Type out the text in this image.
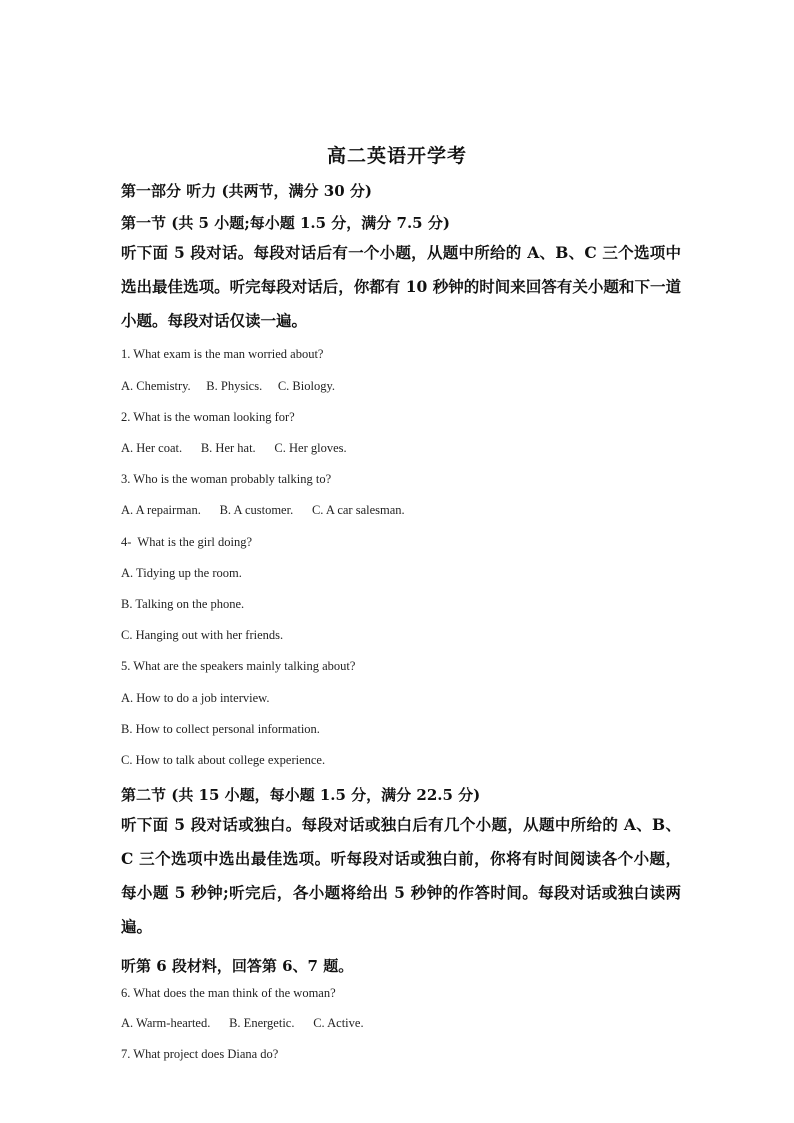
高二英语开学考
第一部分 听力 (共两节，满分 30 分)
第一节 (共 5 小题;每小题 1.5 分，满分 7.5 分)
听下面 5 段对话。每段对话后有一个小题，从题中所给的 A、B、C 三个选项中选出最佳选项。听完每段对话后，你都有 10 秒钟的时间来回答有关小题和下一道小题。每段对话仅读一遍。
1. What exam is the man worried about?
A. Chemistry.     B. Physics.     C. Biology.
2. What is the woman looking for?
A. Her coat.      B. Her hat.      C. Her gloves.
3. Who is the woman probably talking to?
A. A repairman.      B. A customer.      C. A car salesman.
4-  What is the girl doing?
A. Tidying up the room.
B. Talking on the phone.
C. Hanging out with her friends.
5. What are the speakers mainly talking about?
A. How to do a job interview.
B. How to collect personal information.
C. How to talk about college experience.
第二节 (共 15 小题，每小题 1.5 分，满分 22.5 分)
听下面 5 段对话或独白。每段对话或独白后有几个小题，从题中所给的 A、B、C 三个选项中选出最佳选项。听每段对话或独白前，你将有时间阅读各个小题，每小题 5 秒钟;听完后，各小题将给出 5 秒钟的作答时间。每段对话或独白读两遍。
听第 6 段材料，回答第 6、7 题。
6. What does the man think of the woman?
A. Warm-hearted.      B. Energetic.      C. Active.
7. What project does Diana do?
